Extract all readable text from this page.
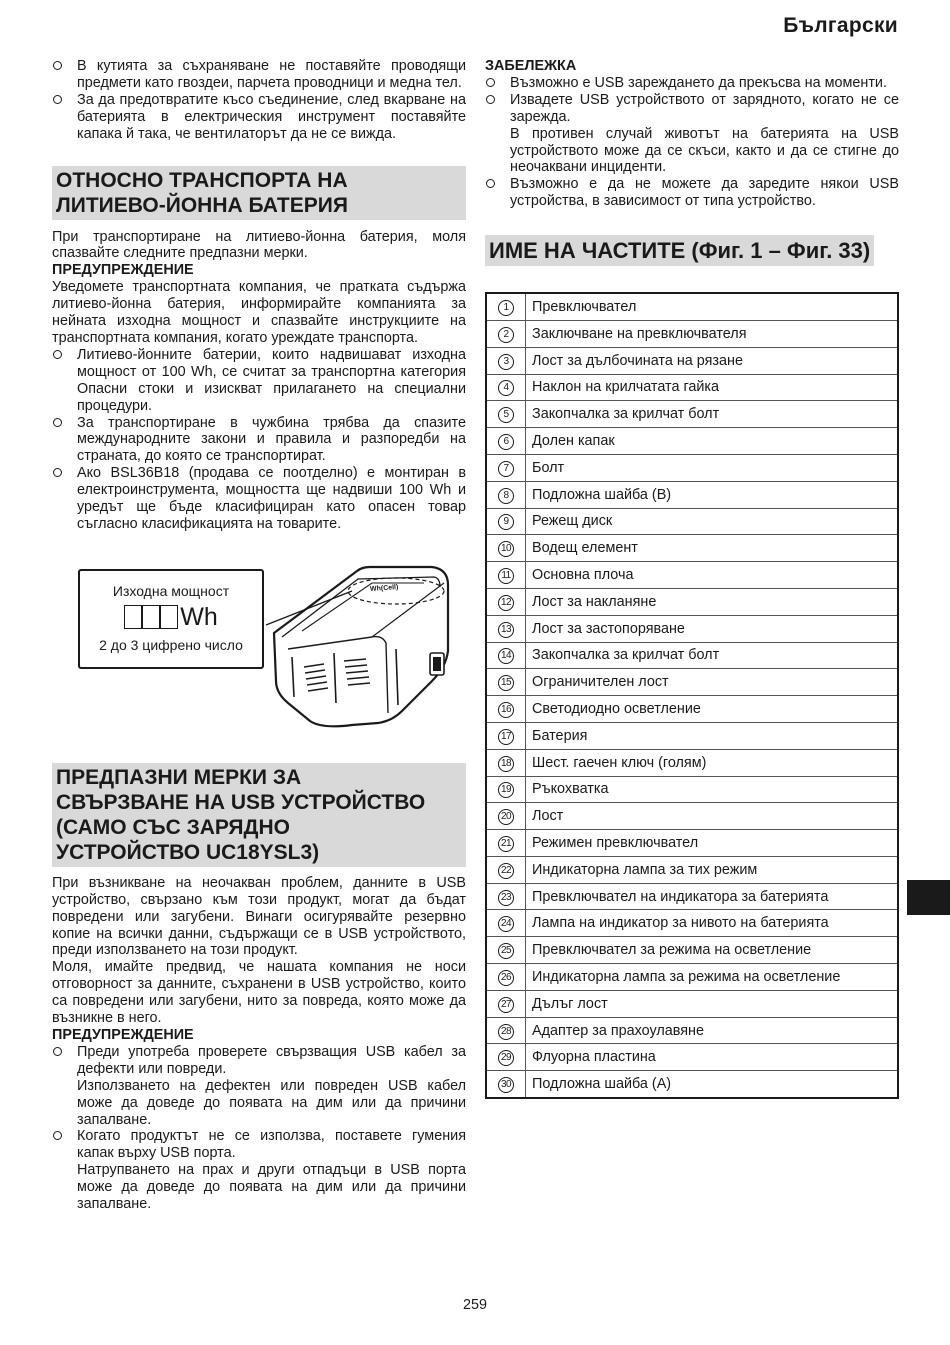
Български
В кутията за съхраняване не поставяйте проводящи предмети като гвоздеи, парчета проводници и медна тел.
За да предотвратите късо съединение, след вкарване на батерията в електрическия инструмент поставяйте капака й така, че вентилаторът да не се вижда.
ОТНОСНО ТРАНСПОРТА НА
ЛИТИЕВО-ЙОННА БАТЕРИЯ

При транспортиране на литиево-йонна батерия, моля спазвайте следните предпазни мерки.

ПРЕДУПРЕЖДЕНИЕ

Уведомете транспортната компания, че пратката съдържа литиево-йонна батерия, информирайте компанията за нейната изходна мощност и спазвайте инструкциите на транспортната компания, когато уреждате транспорта.

Литиево-йонните батерии, които надвишават изходна мощност от 100 Wh, се считат за транспортна категория Опасни стоки и изискват прилагането на специални процедури.
За транспортиране в чужбина трябва да спазите международните закони и правила и разпоредби на страната, до която се транспортират.
Ако BSL36B18 (продава се поотделно) е монтиран в електроинструмента, мощността ще надвиши 100 Wh и уредът ще бъде класифициран като опасен товар съгласно класификацията на товарите.
Wh(Cell)
Изходна мощност
Wh
2 до 3 цифрено число
ПРЕДПАЗНИ МЕРКИ ЗА
СВЪРЗВАНЕ НА USB УСТРОЙСТВО
(САМО СЪС ЗАРЯДНО
УСТРОЙСТВО UC18YSL3)

При възникване на неочакван проблем, данните в USB устройство, свързано към този продукт, могат да бъдат повредени или загубени. Винаги осигурявайте резервно копие на всички данни, съдържащи се в USB устройството, преди използването на този продукт.

Моля, имайте предвид, че нашата компания не носи отговорност за данните, съхранени в USB устройство, които са повредени или загубени, нито за повреда, която може да възникне в него.

ПРЕДУПРЕЖДЕНИЕ

Преди употреба проверете свързващия USB кабел за дефекти или повреди.

Използването на дефектен или повреден USB кабел може да доведе до появата на дим или да причини запалване.

Когато продуктът не се използва, поставете гумения капак върху USB порта.

Натрупването на прах и други отпадъци в USB порта може да доведе до появата на дим или да причини запалване.

ЗАБЕЛЕЖКА

Възможно е USB зареждането да прекъсва на моменти.
Извадете USB устройството от зарядното, когато не се зарежда.

В противен случай животът на батерията на USB устройството може да се скъси, както и да се стигне до неочаквани инциденти.

Възможно е да не можете да заредите някои USB устройства, в зависимост от типа устройство.
ИМЕ НА ЧАСТИТЕ (Фиг. 1 – Фиг. 33)
1	Превключвател
2	Заключване на превключвателя
3	Лост за дълбочината на рязане
4	Наклон на крилчатата гайка
5	Закопчалка за крилчат болт
6	Долен капак
7	Болт
8	Подложна шайба (B)
9	Режещ диск
10	Водещ елемент
11	Основна плоча
12	Лост за накланяне
13	Лост за застопоряване
14	Закопчалка за крилчат болт
15	Ограничителен лост
16	Светодиодно осветление
17	Батерия
18	Шест. гаечен ключ (голям)
19	Ръкохватка
20	Лост
21	Режимен превключвател
22	Индикаторна лампа за тих режим
23	Превключвател на индикатора за батерията
24	Лампа на индикатор за нивото на батерията
25	Превключвател за режима на осветление
26	Индикаторна лампа за режима на осветление
27	Дълъг лост
28	Адаптер за прахоулавяне
29	Флуорна пластина
30	Подложна шайба (A)
259
